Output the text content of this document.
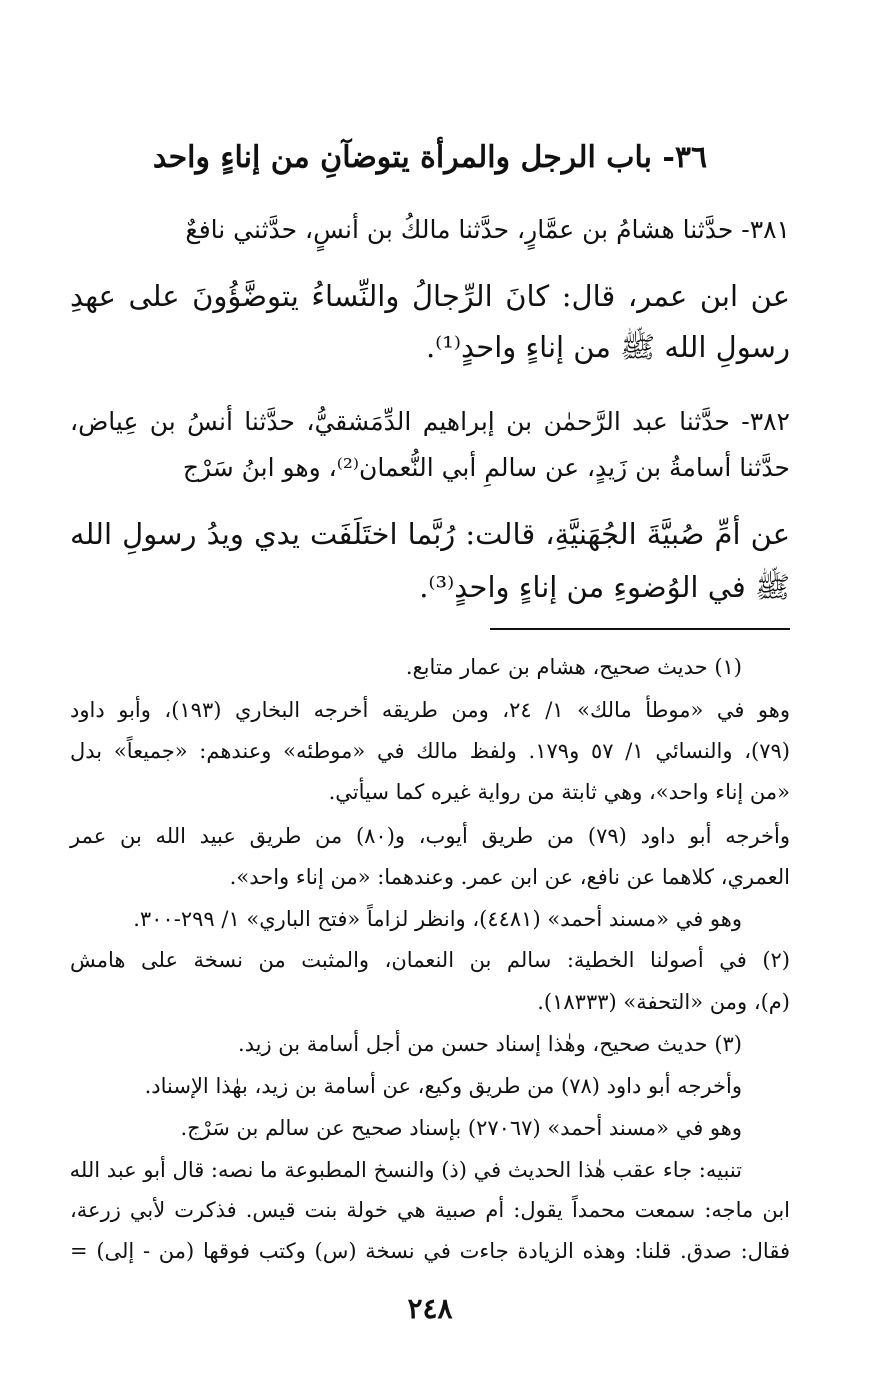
٣٦- باب الرجل والمرأة يتوضآنِ من إناءٍ واحد
٣٨١- حدَّثنا هشامُ بن عمَّارٍ، حدَّثنا مالكُ بن أنسٍ، حدَّثني نافعٌ
عن ابن عمر، قال: كانَ الرِّجالُ والنِّساءُ يتوضَّؤُونَ على عهدِ
رسولِ الله ﷺ من إناءٍ واحدٍ⁽¹⁾.
٣٨٢- حدَّثنا عبد الرَّحمٰن بن إبراهيم الدِّمَشقيُّ، حدَّثنا أنسُ بن عِياض،
حدَّثنا أسامةُ بن زَيدٍ، عن سالمِ أبي النُّعمان⁽²⁾، وهو ابنُ سَرْج
عن أمِّ صُبيَّةَ الجُهَنيَّةِ، قالت: رُبَّما اختَلَفَت يدي ويدُ رسولِ الله
ﷺ في الوُضوءِ من إناءٍ واحدٍ⁽³⁾.
(١) حديث صحيح، هشام بن عمار متابع.
وهو في «موطأ مالك» ١/ ٢٤، ومن طريقه أخرجه البخاري (١٩٣)، وأبو داود
(٧٩)، والنسائي ١/ ٥٧ و١٧٩. ولفظ مالك في «موطئه» وعندهم: «جميعاً» بدل
«من إناء واحد»، وهي ثابتة من رواية غيره كما سيأتي.
وأخرجه أبو داود (٧٩) من طريق أيوب، و(٨٠) من طريق عبيد الله بن عمر
العمري، كلاهما عن نافع، عن ابن عمر. وعندهما: «من إناء واحد».
وهو في «مسند أحمد» (٤٤٨١)، وانظر لزاماً «فتح الباري» ١/ ٢٩٩-٣٠٠.
(٢) في أصولنا الخطية: سالم بن النعمان، والمثبت من نسخة على هامش
(م)، ومن «التحفة» (١٨٣٣٣).
(٣) حديث صحيح، وهٰذا إسناد حسن من أجل أسامة بن زيد.
وأخرجه أبو داود (٧٨) من طريق وكيع، عن أسامة بن زيد، بهٰذا الإسناد.
وهو في «مسند أحمد» (٢٧٠٦٧) بإسناد صحيح عن سالم بن سَرْج.
تنبيه: جاء عقب هٰذا الحديث في (ذ) والنسخ المطبوعة ما نصه: قال أبو عبد الله
ابن ماجه: سمعت محمداً يقول: أم صبية هي خولة بنت قيس. فذكرت لأبي زرعة،
فقال: صدق. قلنا: وهذه الزيادة جاءت في نسخة (س) وكتب فوقها (من - إلى) =
٢٤٨
